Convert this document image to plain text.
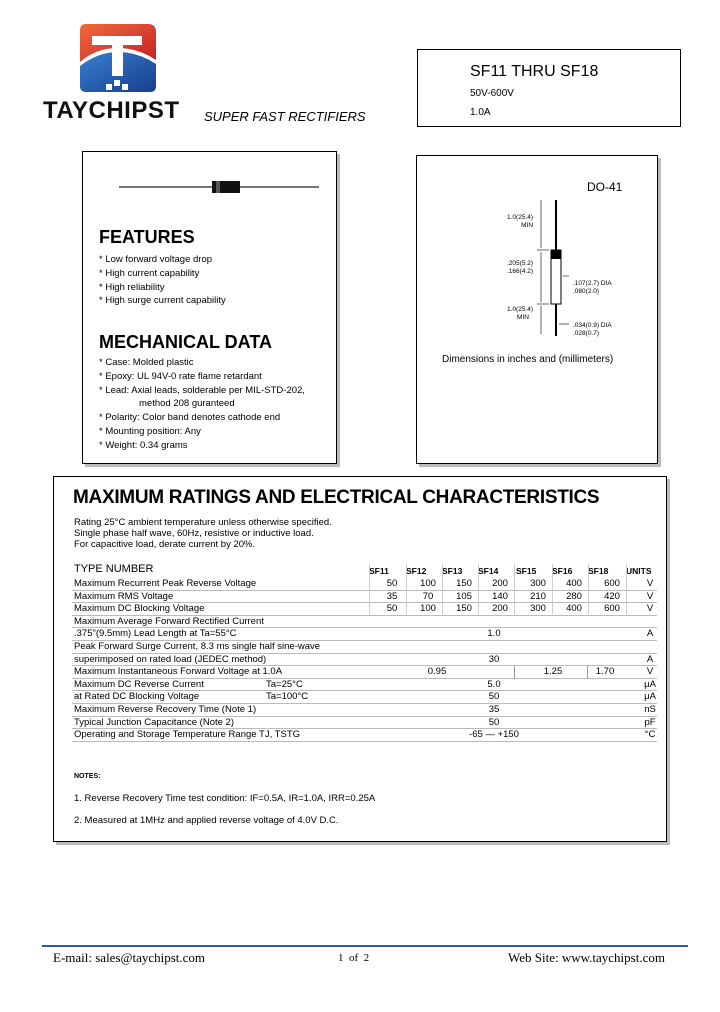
TAYCHIPST SUPER FAST RECTIFIERS
SF11 THRU SF18
50V-600V
1.0A
FEATURES
* Low forward voltage drop
* High current capability
* High reliability
* High surge current capability
MECHANICAL DATA
* Case: Molded plastic
* Epoxy: UL 94V-0 rate flame retardant
* Lead: Axial leads, solderable per MIL-STD-202,
method 208 guranteed
* Polarity: Color band denotes cathode end
* Mounting position: Any
* Weight: 0.34 grams
DO-41
1.0(25.4)
MIN
.205(5.2)
.166(4.2)
.107(2.7) DIA
.080(2.0)
1.0(25.4)
MIN
.034(0.9) DIA
.028(0.7)
Dimensions in inches and (millimeters)
MAXIMUM RATINGS AND ELECTRICAL CHARACTERISTICS
Rating 25°C ambient temperature unless otherwise specified.
Single phase half wave, 60Hz, resistive or inductive load.
For capacitive load, derate current by 20%.
TYPE NUMBER	SF11 SF12 SF13 SF14 SF15 SF16 SF18 UNITS
Maximum Recurrent Peak Reverse Voltage	50	100	150	200	300	400	600	V
Maximum RMS Voltage	35	70	105	140	210	280	420	V
Maximum DC Blocking Voltage	50	100	150	200	300	400	600	V
Maximum Average Forward Rectified Current
.375"(9.5mm) Lead Length at Ta=55°C	1.0	A
Peak Forward Surge Current, 8.3 ms single half sine-wave
superimposed on rated load (JEDEC method)	30	A
Maximum Instantaneous Forward Voltage at 1.0A	0.95	1.25	1.70	V
Maximum DC Reverse Current	Ta=25°C	5.0	μA
at Rated DC Blocking Voltage	Ta=100°C	50	μA
Maximum Reverse Recovery Time (Note 1)	35	nS
Typical Junction Capacitance (Note 2)	50	pF
Operating and Storage Temperature Range TJ, TSTG	-65 — +150	°C
NOTES:
1. Reverse Recovery Time test condition: IF=0.5A, IR=1.0A, IRR=0.25A
2. Measured at 1MHz and applied reverse voltage of 4.0V D.C.
E-mail: sales@taychipst.com	1  of  2	Web Site: www.taychipst.com
